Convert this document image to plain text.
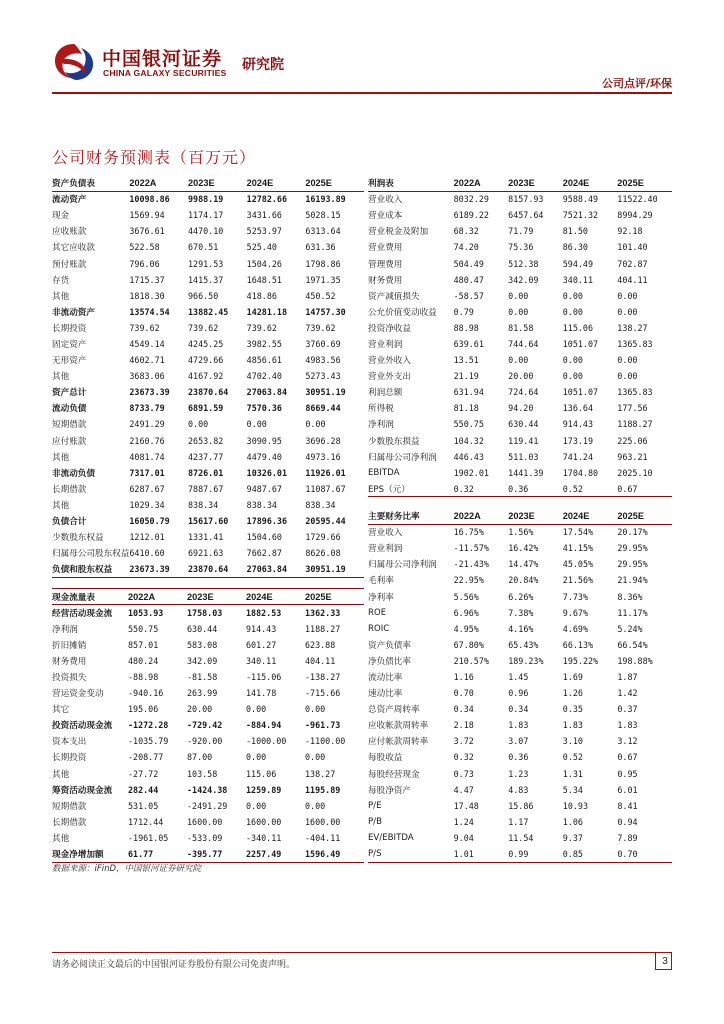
中国银河证券
CHINA GALAXY SECURITIES 研究院
公司点评/环保
公司财务预测表（百万元）
资产负债表	2022A	2023E	2024E	2025E
流动资产	10098.86	9988.19	12782.66	16193.89
现金	1569.94	1174.17	3431.66	5028.15
应收账款	3676.61	4470.10	5253.97	6313.64
其它应收款	522.58	670.51	525.40	631.36
预付账款	796.06	1291.53	1504.26	1798.86
存货	1715.37	1415.37	1648.51	1971.35
其他	1818.30	966.50	418.86	450.52
非流动资产	13574.54	13882.45	14281.18	14757.30
长期投资	739.62	739.62	739.62	739.62
固定资产	4549.14	4245.25	3982.55	3760.69
无形资产	4602.71	4729.66	4856.61	4983.56
其他	3683.06	4167.92	4702.40	5273.43
资产总计	23673.39	23870.64	27063.84	30951.19
流动负债	8733.79	6891.59	7570.36	8669.44
短期借款	2491.29	0.00	0.00	0.00
应付账款	2160.76	2653.82	3090.95	3696.28
其他	4081.74	4237.77	4479.40	4973.16
非流动负债	7317.01	8726.01	10326.01	11926.01
长期借款	6287.67	7887.67	9487.67	11087.67
其他	1029.34	838.34	838.34	838.34
负债合计	16050.79	15617.60	17896.36	20595.44
少数股东权益	1212.01	1331.41	1504.60	1729.66
归属母公司股东权益	6410.60	6921.63	7662.87	8626.08
负债和股东权益	23673.39	23870.64	27063.84	30951.19
现金流量表	2022A	2023E	2024E	2025E
经营活动现金流	1053.93	1758.03	1882.53	1362.33
净利润	550.75	630.44	914.43	1188.27
折旧摊销	857.01	583.08	601.27	623.88
财务费用	480.24	342.09	340.11	404.11
投资损失	-88.98	-81.58	-115.06	-138.27
营运资金变动	-940.16	263.99	141.78	-715.66
其它	195.06	20.00	0.00	0.00
投资活动现金流	-1272.28	-729.42	-884.94	-961.73
资本支出	-1035.79	-920.00	-1000.00	-1100.00
长期投资	-208.77	87.00	0.00	0.00
其他	-27.72	103.58	115.06	138.27
筹资活动现金流	282.44	-1424.38	1259.89	1195.89
短期借款	531.05	-2491.29	0.00	0.00
长期借款	1712.44	1600.00	1600.00	1600.00
其他	-1961.05	-533.09	-340.11	-404.11
现金净增加额	61.77	-395.77	2257.49	1596.49
利润表	2022A	2023E	2024E	2025E
营业收入	8032.29	8157.93	9588.49	11522.40
营业成本	6189.22	6457.64	7521.32	8994.29
营业税金及附加	68.32	71.79	81.50	92.18
营业费用	74.20	75.36	86.30	101.40
管理费用	504.49	512.38	594.49	702.87
财务费用	480.47	342.09	340.11	404.11
资产减值损失	-58.57	0.00	0.00	0.00
公允价值变动收益	0.79	0.00	0.00	0.00
投资净收益	88.98	81.58	115.06	138.27
营业利润	639.61	744.64	1051.07	1365.83
营业外收入	13.51	0.00	0.00	0.00
营业外支出	21.19	20.00	0.00	0.00
利润总额	631.94	724.64	1051.07	1365.83
所得税	81.18	94.20	136.64	177.56
净利润	550.75	630.44	914.43	1188.27
少数股东损益	104.32	119.41	173.19	225.06
归属母公司净利润	446.43	511.03	741.24	963.21
EBITDA	1902.01	1441.39	1704.80	2025.10
EPS（元）	0.32	0.36	0.52	0.67
主要财务比率	2022A	2023E	2024E	2025E
营业收入	16.75%	1.56%	17.54%	20.17%
营业利润	-11.57%	16.42%	41.15%	29.95%
归属母公司净利润	-21.43%	14.47%	45.05%	29.95%
毛利率	22.95%	20.84%	21.56%	21.94%
净利率	5.56%	6.26%	7.73%	8.36%
ROE	6.96%	7.38%	9.67%	11.17%
ROIC	4.95%	4.16%	4.69%	5.24%
资产负债率	67.80%	65.43%	66.13%	66.54%
净负债比率	210.57%	189.23%	195.22%	198.88%
流动比率	1.16	1.45	1.69	1.87
速动比率	0.70	0.96	1.26	1.42
总资产周转率	0.34	0.34	0.35	0.37
应收帐款周转率	2.18	1.83	1.83	1.83
应付帐款周转率	3.72	3.07	3.10	3.12
每股收益	0.32	0.36	0.52	0.67
每股经营现金	0.73	1.23	1.31	0.95
每股净资产	4.47	4.83	5.34	6.01
P/E	17.48	15.86	10.93	8.41
P/B	1.24	1.17	1.06	0.94
EV/EBITDA	9.04	11.54	9.37	7.89
P/S	1.01	0.99	0.85	0.70
数据来源：iFinD，中国银河证券研究院
请务必阅读正文最后的中国银河证券股份有限公司免责声明。	3
